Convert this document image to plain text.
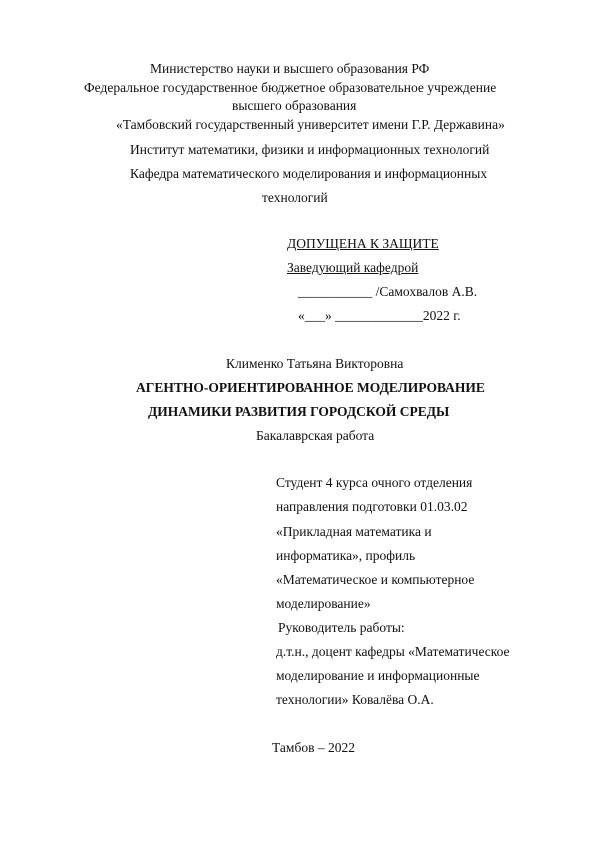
Министерство науки и высшего образования РФ
Федеральное государственное бюджетное образовательное учреждение
высшего образования
«Тамбовский государственный университет имени Г.Р. Державина»
Институт математики, физики и информационных технологий
Кафедра математического моделирования и информационных
технологий
ДОПУЩЕНА К ЗАЩИТЕ
Заведующий кафедрой
___________ /Самохвалов А.В.
«___» _____________2022 г.
Клименко Татьяна Викторовна
АГЕНТНО-ОРИЕНТИРОВАННОЕ МОДЕЛИРОВАНИЕ
ДИНАМИКИ РАЗВИТИЯ ГОРОДСКОЙ СРЕДЫ
Бакалаврская работа
Студент 4 курса очного отделения
направления подготовки 01.03.02
«Прикладная математика и
информатика», профиль
«Математическое и компьютерное
моделирование»
Руководитель работы:
д.т.н., доцент кафедры «Математическое
моделирование и информационные
технологии» Ковалёва О.А.
Тамбов – 2022
